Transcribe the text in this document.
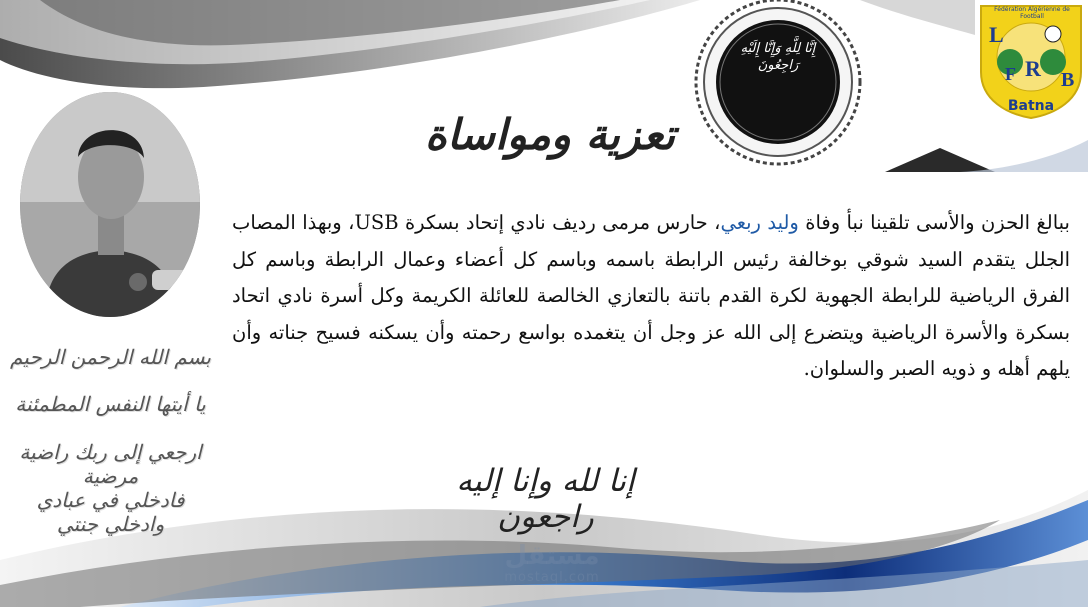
إِنَّا لِلَّهِ وَإِنَّا إِلَيْهِ
رَاجِعُونَ
L
R
F B
Fédération Algérienne de Football
Batna
تعزية ومواساة
ببالغ الحزن والأسى تلقينا نبأ وفاة وليد ربعي، حارس مرمى رديف نادي إتحاد بسكرة USB، وبهذا المصاب الجلل يتقدم السيد شوقي بوخالفة رئيس الرابطة باسمه وباسم كل أعضاء وعمال الرابطة وباسم كل الفرق الرياضية للرابطة الجهوية لكرة القدم باتنة بالتعازي الخالصة للعائلة الكريمة وكل أسرة نادي اتحاد بسكرة والأسرة الرياضية ويتضرع إلى الله عز وجل أن يتغمده بواسع رحمته وأن يسكنه فسيح جناته وأن يلهم أهله و ذويه الصبر والسلوان.
بسم الله الرحمن الرحيم
يا أيتها النفس المطمئنة
ارجعي إلى ربك راضية مرضية
فادخلي في عبادي وادخلي جنتي
إنا لله وإنا إليه راجعون
مستقل
mostaql.com
